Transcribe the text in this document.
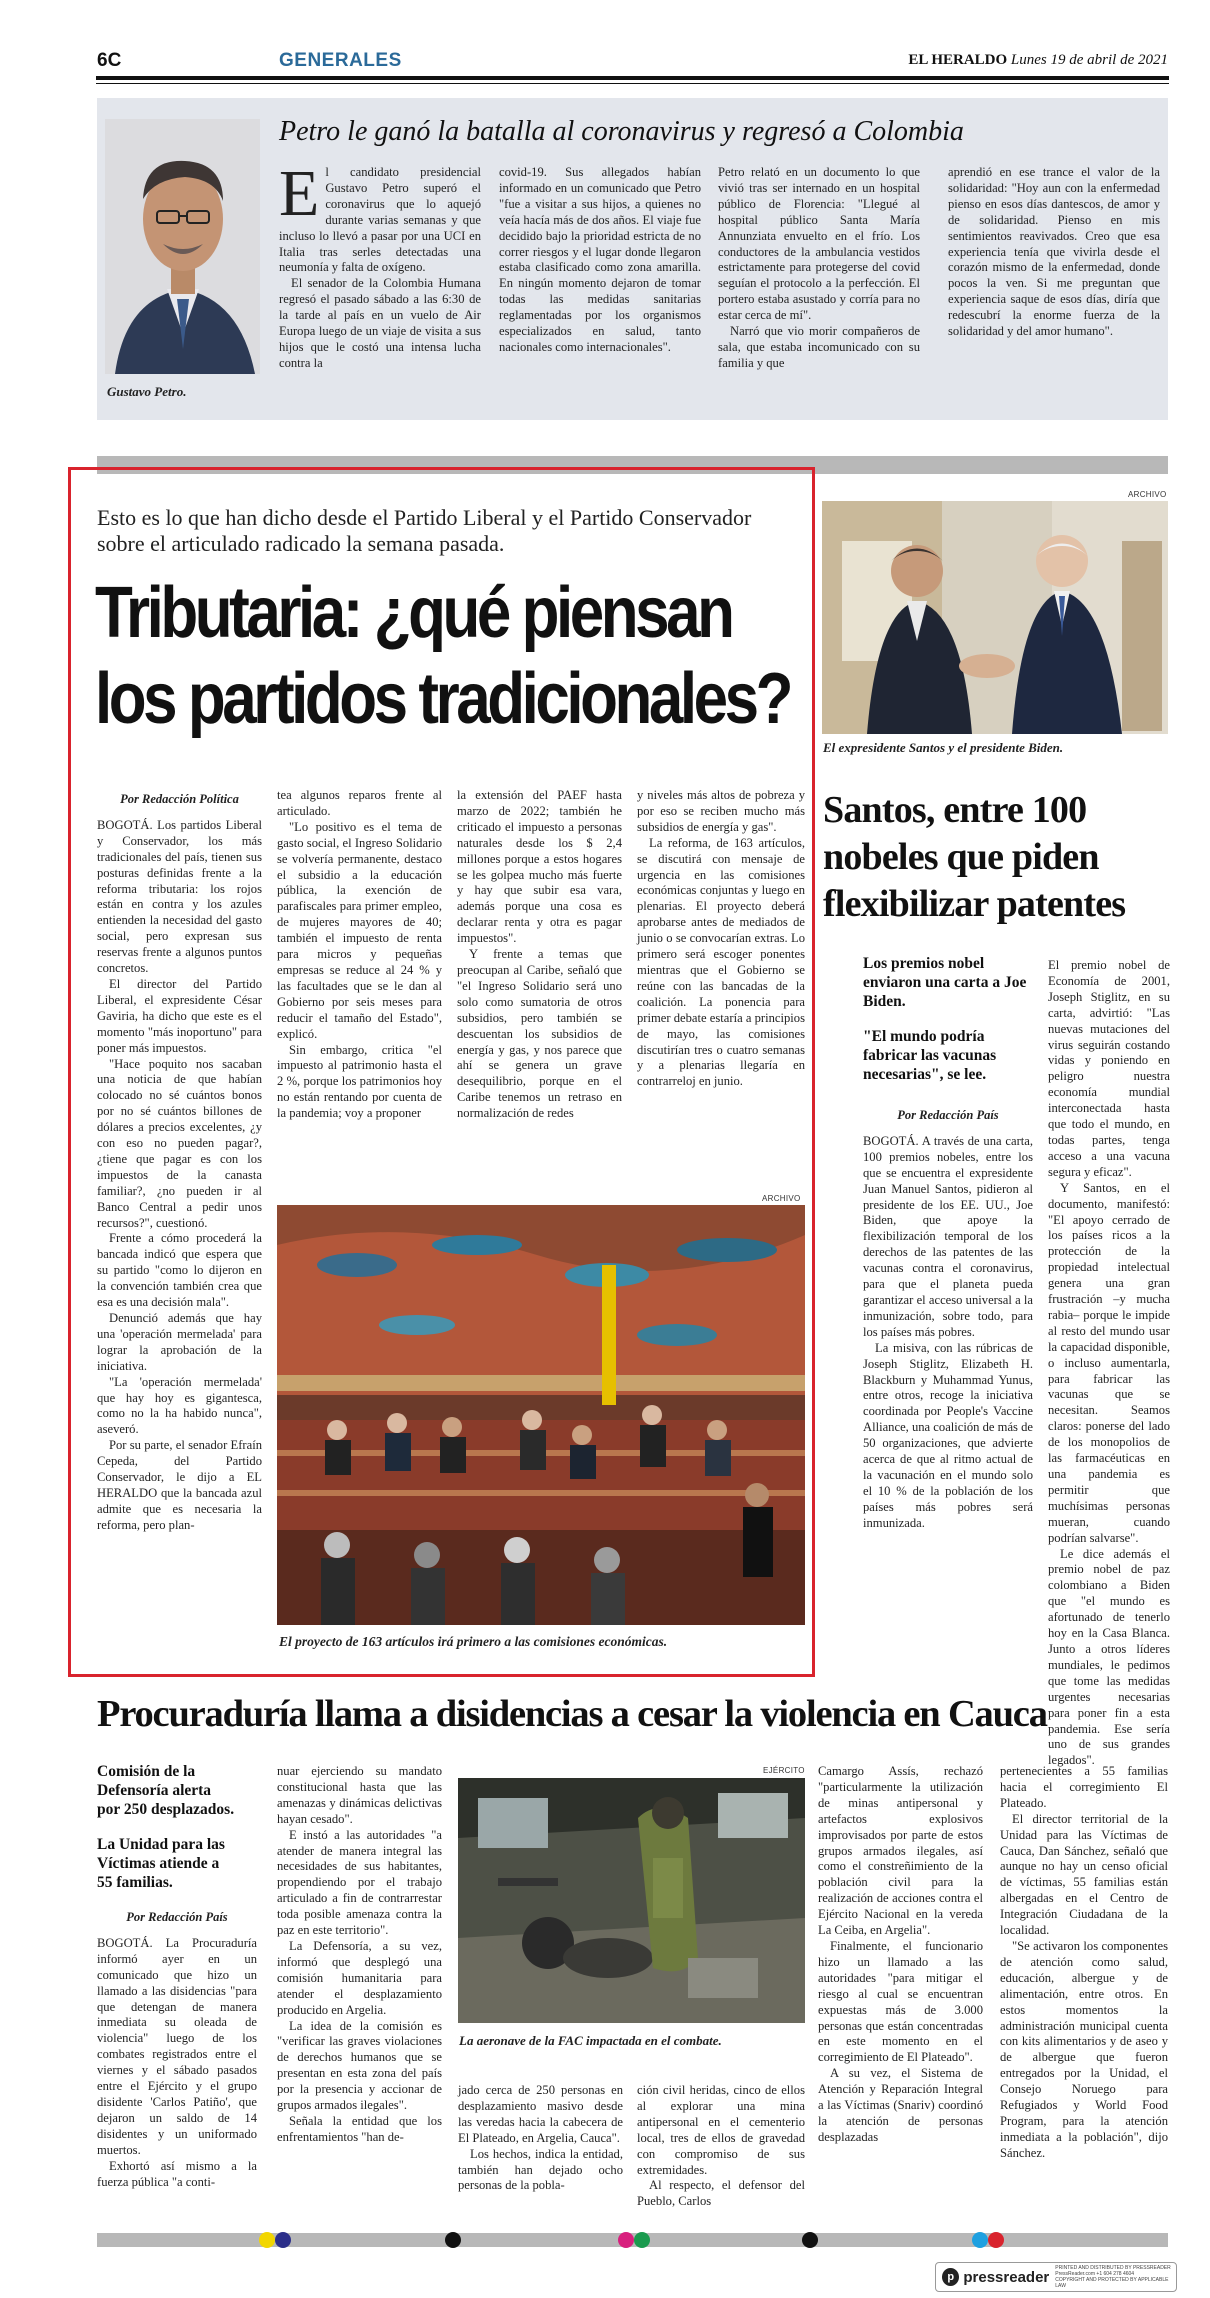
6C	GENERALES	EL HERALDO Lunes 19 de abril de 2021
Gustavo Petro.
Petro le ganó la batalla al coronavirus y regresó a Colombia
E l candidato presidencial Gustavo Petro superó el coronavirus que lo aquejó durante varias semanas y que incluso lo llevó a pasar por una UCI en Italia tras serles detectadas una neumonía y falta de oxígeno.

El senador de la Colombia Humana regresó el pasado sábado a las 6:30 de la tarde al país en un vuelo de Air Europa luego de un viaje de visita a sus hijos que le costó una intensa lucha contra la

covid-19. Sus allegados habían informado en un comunicado que Petro "fue a visitar a sus hijos, a quienes no veía hacía más de dos años. El viaje fue decidido bajo la prioridad estricta de no correr riesgos y el lugar donde llegaron estaba clasificado como zona amarilla. En ningún momento dejaron de tomar todas las medidas sanitarias reglamentadas por los organismos especializados en salud, tanto nacionales como internacionales".

Petro relató en un documento lo que vivió tras ser internado en un hospital público de Florencia: "Llegué al hospital público Santa María Annunziata envuelto en el frío. Los conductores de la ambulancia vestidos estrictamente para protegerse del covid seguían el protocolo a la perfección. El portero estaba asustado y corría para no estar cerca de mí".

Narró que vio morir compañeros de sala, que estaba incomunicado con su familia y que

aprendió en ese trance el valor de la solidaridad: "Hoy aun con la enfermedad pienso en esos días dantescos, de amor y de solidaridad. Pienso en mis sentimientos reavivados. Creo que esa experiencia tenía que vivirla desde el corazón mismo de la enfermedad, donde pocos la ven. Si me preguntan que experiencia saque de esos días, diría que redescubrí la enorme fuerza de la solidaridad y del amor humano".

Esto es lo que han dicho desde el Partido Liberal y el Partido Conservador sobre el articulado radicado la semana pasada.
Tributaria: ¿qué piensan
los partidos tradicionales?

Por Redacción Política

BOGOTÁ. Los partidos Liberal y Conservador, los más tradicionales del país, tienen sus posturas definidas frente a la reforma tributaria: los rojos están en contra y los azules entienden la necesidad del gasto social, pero expresan sus reservas frente a algunos puntos concretos.

El director del Partido Liberal, el expresidente César Gaviria, ha dicho que este es el momento "más inoportuno" para poner más impuestos.

"Hace poquito nos sacaban una noticia de que habían colocado no sé cuántos bonos por no sé cuántos billones de dólares a precios excelentes, ¿y con eso no pueden pagar?, ¿tiene que pagar es con los impuestos de la canasta familiar?, ¿no pueden ir al Banco Central a pedir unos recursos?", cuestionó.

Frente a cómo procederá la bancada indicó que espera que su partido "como lo dijeron en la convención también crea que esa es una decisión mala".

Denunció además que hay una 'operación mermelada' para lograr la aprobación de la iniciativa.

"La 'operación mermelada' que hay hoy es gigantesca, como no la ha habido nunca", aseveró.

Por su parte, el senador Efraín Cepeda, del Partido Conservador, le dijo a EL HERALDO que la bancada azul admite que es necesaria la reforma, pero plan-

tea algunos reparos frente al articulado.

"Lo positivo es el tema de gasto social, el Ingreso Solidario se volvería permanente, destaco el subsidio a la educación pública, la exención de parafiscales para primer empleo, de mujeres mayores de 40; también el impuesto de renta para micros y pequeñas empresas se reduce al 24 % y las facultades que se le dan al Gobierno por seis meses para reducir el tamaño del Estado", explicó.

Sin embargo, critica "el impuesto al patrimonio hasta el 2 %, porque los patrimonios hoy no están rentando por cuenta de la pandemia; voy a proponer

la extensión del PAEF hasta marzo de 2022; también he criticado el impuesto a personas naturales desde los $ 2,4 millones porque a estos hogares se les golpea mucho más fuerte y hay que subir esa vara, además porque una cosa es declarar renta y otra es pagar impuestos".

Y frente a temas que preocupan al Caribe, señaló que "el Ingreso Solidario será uno solo como sumatoria de otros subsidios, pero también se descuentan los subsidios de energía y gas, y nos parece que ahí se genera un grave desequilibrio, porque en el Caribe tenemos un retraso en normalización de redes

y niveles más altos de pobreza y por eso se reciben mucho más subsidios de energía y gas".

La reforma, de 163 artículos, se discutirá con mensaje de urgencia en las comisiones económicas conjuntas y luego en plenarias. El proyecto deberá aprobarse antes de mediados de junio o se convocarían extras. Lo primero será escoger ponentes mientras que el Gobierno se reúne con las bancadas de la coalición. La ponencia para primer debate estaría a principios de mayo, las comisiones discutirían tres o cuatro semanas y a plenarias llegaría en contrarreloj en junio.

ARCHIVO
El proyecto de 163 artículos irá primero a las comisiones económicas.
ARCHIVO
El expresidente Santos y el presidente Biden.
Santos, entre 100 nobeles que piden flexibilizar patentes

Los premios nobel enviaron una carta a Joe Biden.

"El mundo podría fabricar las vacunas necesarias", se lee.

Por Redacción País

BOGOTÁ. A través de una carta, 100 premios nobeles, entre los que se encuentra el expresidente Juan Manuel Santos, pidieron al presidente de los EE. UU., Joe Biden, que apoye la flexibilización temporal de los derechos de las patentes de las vacunas contra el coronavirus, para que el planeta pueda garantizar el acceso universal a la inmunización, sobre todo, para los países más pobres.

La misiva, con las rúbricas de Joseph Stiglitz, Elizabeth H. Blackburn y Muhammad Yunus, entre otros, recoge la iniciativa coordinada por People's Vaccine Alliance, una coalición de más de 50 organizaciones, que advierte acerca de que al ritmo actual de la vacunación en el mundo solo el 10 % de la población de los países más pobres será inmunizada.

El premio nobel de Economía de 2001, Joseph Stiglitz, en su carta, advirtió: "Las nuevas mutaciones del virus seguirán costando vidas y poniendo en peligro nuestra economía mundial interconectada hasta que todo el mundo, en todas partes, tenga acceso a una vacuna segura y eficaz".

Y Santos, en el documento, manifestó: "El apoyo cerrado de los países ricos a la protección de la propiedad intelectual genera una gran frustración –y mucha rabia– porque le impide al resto del mundo usar la capacidad disponible, o incluso aumentarla, para fabricar las vacunas que se necesitan. Seamos claros: ponerse del lado de los monopolios de las farmacéuticas en una pandemia es permitir que muchísimas personas mueran, cuando podrían salvarse".

Le dice además el premio nobel de paz colombiano a Biden que "el mundo es afortunado de tenerlo hoy en la Casa Blanca. Junto a otros líderes mundiales, le pedimos que tome las medidas urgentes necesarias para poner fin a esta pandemia. Ese sería uno de sus grandes legados".

Procuraduría llama a disidencias a cesar la violencia en Cauca

Comisión de la Defensoría alerta por 250 desplazados.

La Unidad para las Víctimas atiende a 55 familias.

Por Redacción País

BOGOTÁ. La Procuraduría informó ayer en un comunicado que hizo un llamado a las disidencias "para que detengan de manera inmediata su oleada de violencia" luego de los combates registrados entre el viernes y el sábado pasados entre el Ejército y el grupo disidente 'Carlos Patiño', que dejaron un saldo de 14 disidentes y un uniformado muertos.

Exhortó así mismo a la fuerza pública "a conti-

nuar ejerciendo su mandato constitucional hasta que las amenazas y dinámicas delictivas hayan cesado".

E instó a las autoridades "a atender de manera integral las necesidades de sus habitantes, propendiendo por el trabajo articulado a fin de contrarrestar toda posible amenaza contra la paz en este territorio".

La Defensoría, a su vez, informó que desplegó una comisión humanitaria para atender el desplazamiento producido en Argelia.

La idea de la comisión es "verificar las graves violaciones de derechos humanos que se presentan en esta zona del país por la presencia y accionar de grupos armados ilegales".

Señala la entidad que los enfrentamientos "han de-

EJÉRCITO
La aeronave de la FAC impactada en el combate.

jado cerca de 250 personas en desplazamiento masivo desde las veredas hacia la cabecera de El Plateado, en Argelia, Cauca".

Los hechos, indica la entidad, también han dejado ocho personas de la pobla-

ción civil heridas, cinco de ellos al explorar una mina antipersonal en el cementerio local, tres de ellos de gravedad con compromiso de sus extremidades.

Al respecto, el defensor del Pueblo, Carlos

Camargo Assís, rechazó "particularmente la utilización de minas antipersonal y artefactos explosivos improvisados por parte de estos grupos armados ilegales, así como el constreñimiento de la población civil para la realización de acciones contra el Ejército Nacional en la vereda La Ceiba, en Argelia".

Finalmente, el funcionario hizo un llamado a las autoridades "para mitigar el riesgo al cual se encuentran expuestas más de 3.000 personas que están concentradas en este momento en el corregimiento de El Plateado".

A su vez, el Sistema de Atención y Reparación Integral a las Víctimas (Snariv) coordinó la atención de personas desplazadas

pertenecientes a 55 familias hacia el corregimiento El Plateado.

El director territorial de la Unidad para las Víctimas de Cauca, Dan Sánchez, señaló que aunque no hay un censo oficial de víctimas, 55 familias están albergadas en el Centro de Integración Ciudadana de la localidad.

"Se activaron los componentes de atención como salud, educación, albergue y de alimentación, entre otros. En estos momentos la administración municipal cuenta con kits alimentarios y de aseo y de albergue que fueron entregados por la Unidad, el Consejo Noruego para Refugiados y World Food Program, para la atención inmediata a la población", dijo Sánchez.

p pressreader
PRINTED AND DISTRIBUTED BY PRESSREADER
PressReader.com +1 604 278 4604
COPYRIGHT AND PROTECTED BY APPLICABLE LAW
